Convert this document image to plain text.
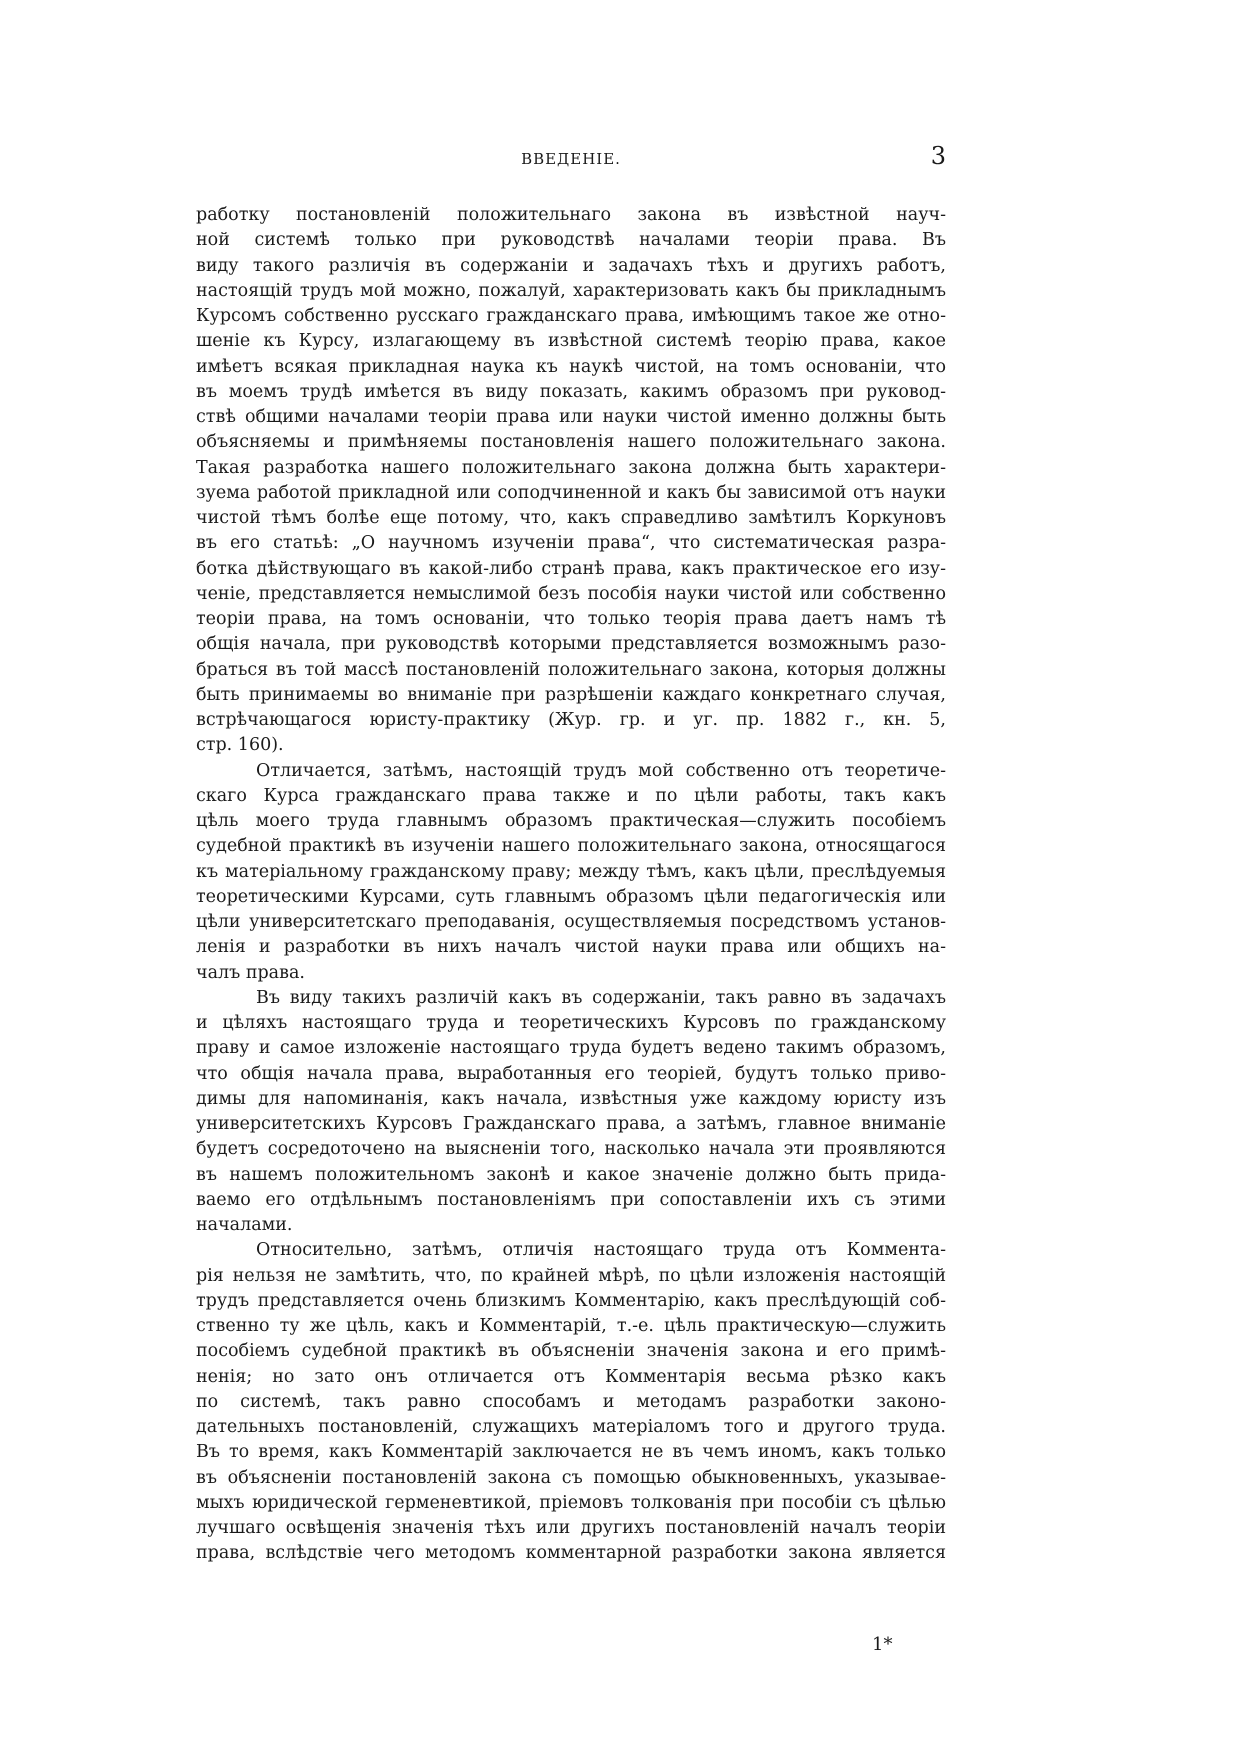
ВВЕДЕНІЕ.	3
работку постановленій положительнаго закона въ извѣстной науч-
ной системѣ только при руководствѣ началами теоріи права. Въ
виду такого различія въ содержаніи и задачахъ тѣхъ и другихъ работъ,
настоящій трудъ мой можно, пожалуй, характеризовать какъ бы прикладнымъ
Курсомъ собственно русскаго гражданскаго права, имѣющимъ такое же отно-
шеніе къ Курсу, излагающему въ извѣстной системѣ теорію права, какое
имѣетъ всякая прикладная наука къ наукѣ чистой, на томъ основаніи, что
въ моемъ трудѣ имѣется въ виду показать, какимъ образомъ при руковод-
ствѣ общими началами теоріи права или науки чистой именно должны быть
объясняемы и примѣняемы постановленія нашего положительнаго закона.
Такая разработка нашего положительнаго закона должна быть характери-
зуема работой прикладной или соподчиненной и какъ бы зависимой отъ науки
чистой тѣмъ болѣе еще потому, что, какъ справедливо замѣтилъ Коркуновъ
въ его статьѣ: „О научномъ изученіи права“, что систематическая разра-
ботка дѣйствующаго въ какой-либо странѣ права, какъ практическое его изу-
ченіе, представляется немыслимой безъ пособія науки чистой или собственно
теоріи права, на томъ основаніи, что только теорія права даетъ намъ тѣ
общія начала, при руководствѣ которыми представляется возможнымъ разо-
браться въ той массѣ постановленій положительнаго закона, которыя должны
быть принимаемы во вниманіе при разрѣшеніи каждаго конкретнаго случая,
встрѣчающагося юристу-практику (Жур. гр. и уг. пр. 1882 г., кн. 5,
стр. 160).
Отличается, затѣмъ, настоящій трудъ мой собственно отъ теоретиче-
скаго Курса гражданскаго права также и по цѣли работы, такъ какъ
цѣль моего труда главнымъ образомъ практическая—служить пособіемъ
судебной практикѣ въ изученіи нашего положительнаго закона, относящагося
къ матеріальному гражданскому праву; между тѣмъ, какъ цѣли, преслѣдуемыя
теоретическими Курсами, суть главнымъ образомъ цѣли педагогическія или
цѣли университетскаго преподаванія, осуществляемыя посредствомъ установ-
ленія и разработки въ нихъ началъ чистой науки права или общихъ на-
чалъ права.
Въ виду такихъ различій какъ въ содержаніи, такъ равно въ задачахъ
и цѣляхъ настоящаго труда и теоретическихъ Курсовъ по гражданскому
праву и самое изложеніе настоящаго труда будетъ ведено такимъ образомъ,
что общія начала права, выработанныя его теоріей, будутъ только приво-
димы для напоминанія, какъ начала, извѣстныя уже каждому юристу изъ
университетскихъ Курсовъ Гражданскаго права, а затѣмъ, главное вниманіе
будетъ сосредоточено на выясненіи того, насколько начала эти проявляются
въ нашемъ положительномъ законѣ и какое значеніе должно быть прида-
ваемо его отдѣльнымъ постановленіямъ при сопоставленіи ихъ съ этими
началами.
Относительно, затѣмъ, отличія настоящаго труда отъ Коммента-
рія нельзя не замѣтить, что, по крайней мѣрѣ, по цѣли изложенія настоящій
трудъ представляется очень близкимъ Комментарію, какъ преслѣдующій соб-
ственно ту же цѣль, какъ и Комментарій, т.-е. цѣль практическую—служить
пособіемъ судебной практикѣ въ объясненіи значенія закона и его примѣ-
ненія; но зато онъ отличается отъ Комментарія весьма рѣзко какъ
по системѣ, такъ равно способамъ и методамъ разработки законо-
дательныхъ постановленій, служащихъ матеріаломъ того и другого труда.
Въ то время, какъ Комментарій заключается не въ чемъ иномъ, какъ только
въ объясненіи постановленій закона съ помощью обыкновенныхъ, указывае-
мыхъ юридической герменевтикой, пріемовъ толкованія при пособіи съ цѣлью
лучшаго освѣщенія значенія тѣхъ или другихъ постановленій началъ теоріи
права, вслѣдствіе чего методомъ комментарной разработки закона является
1*
